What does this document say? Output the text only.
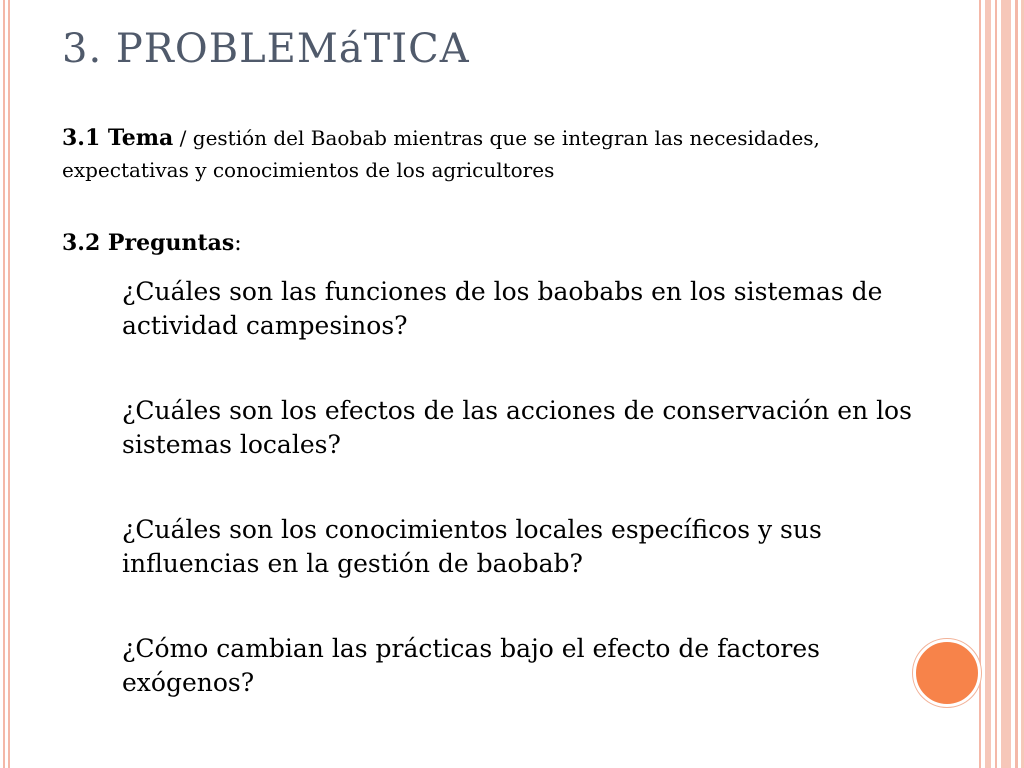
3. PROBLEMáTICA
3.1 Tema / gestión del Baobab mientras que se integran las necesidades, expectativas y conocimientos de los agricultores
3.2 Preguntas:
¿Cuáles son las funciones de los baobabs en los sistemas de actividad campesinos?
¿Cuáles son los efectos de las acciones de conservación en los sistemas locales?
¿Cuáles son los conocimientos locales específicos y sus influencias en la gestión de baobab?
¿Cómo cambian las prácticas bajo el efecto de factores exógenos?
